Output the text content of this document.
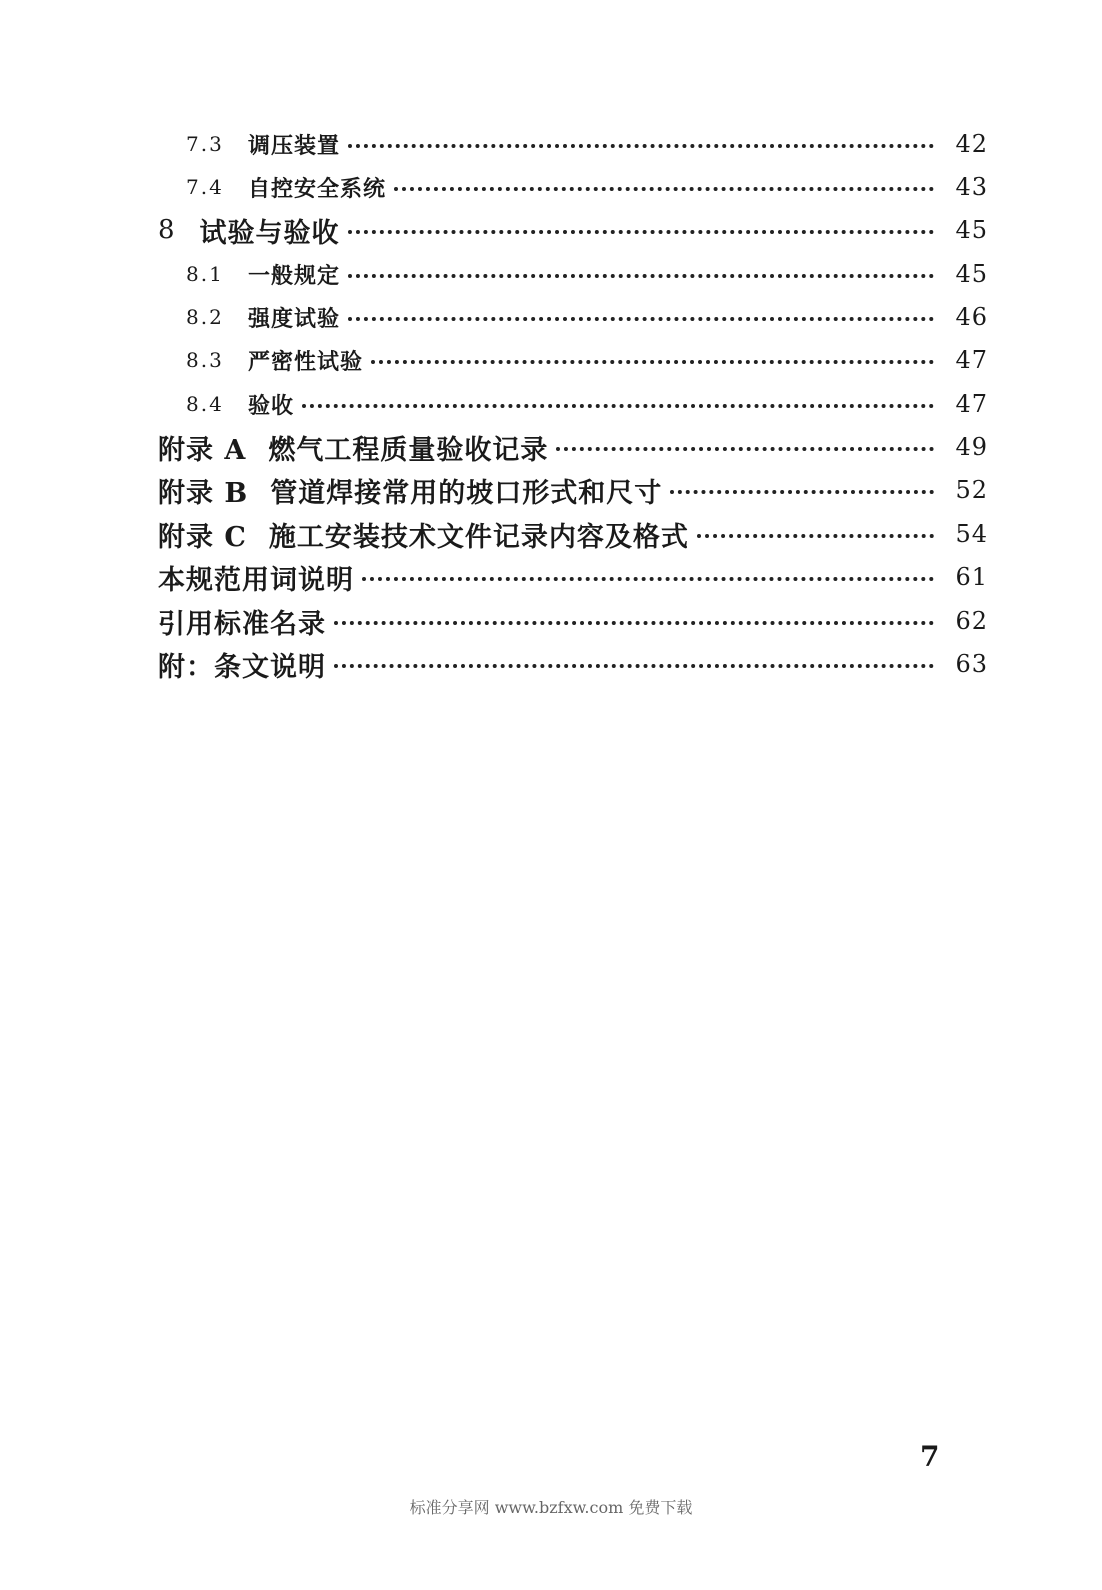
7.3	调压装置	42
7.4	自控安全系统	43
8 试验与验收	45
8.1	一般规定	45
8.2	强度试验	46
8.3	严密性试验	47
8.4	验收	47
附录 A 燃气工程质量验收记录	49
附录 B 管道焊接常用的坡口形式和尺寸	52
附录 C 施工安装技术文件记录内容及格式	54
本规范用词说明	61
引用标准名录	62
附：条文说明	63
7
标准分享网 www.bzfxw.com 免费下载
